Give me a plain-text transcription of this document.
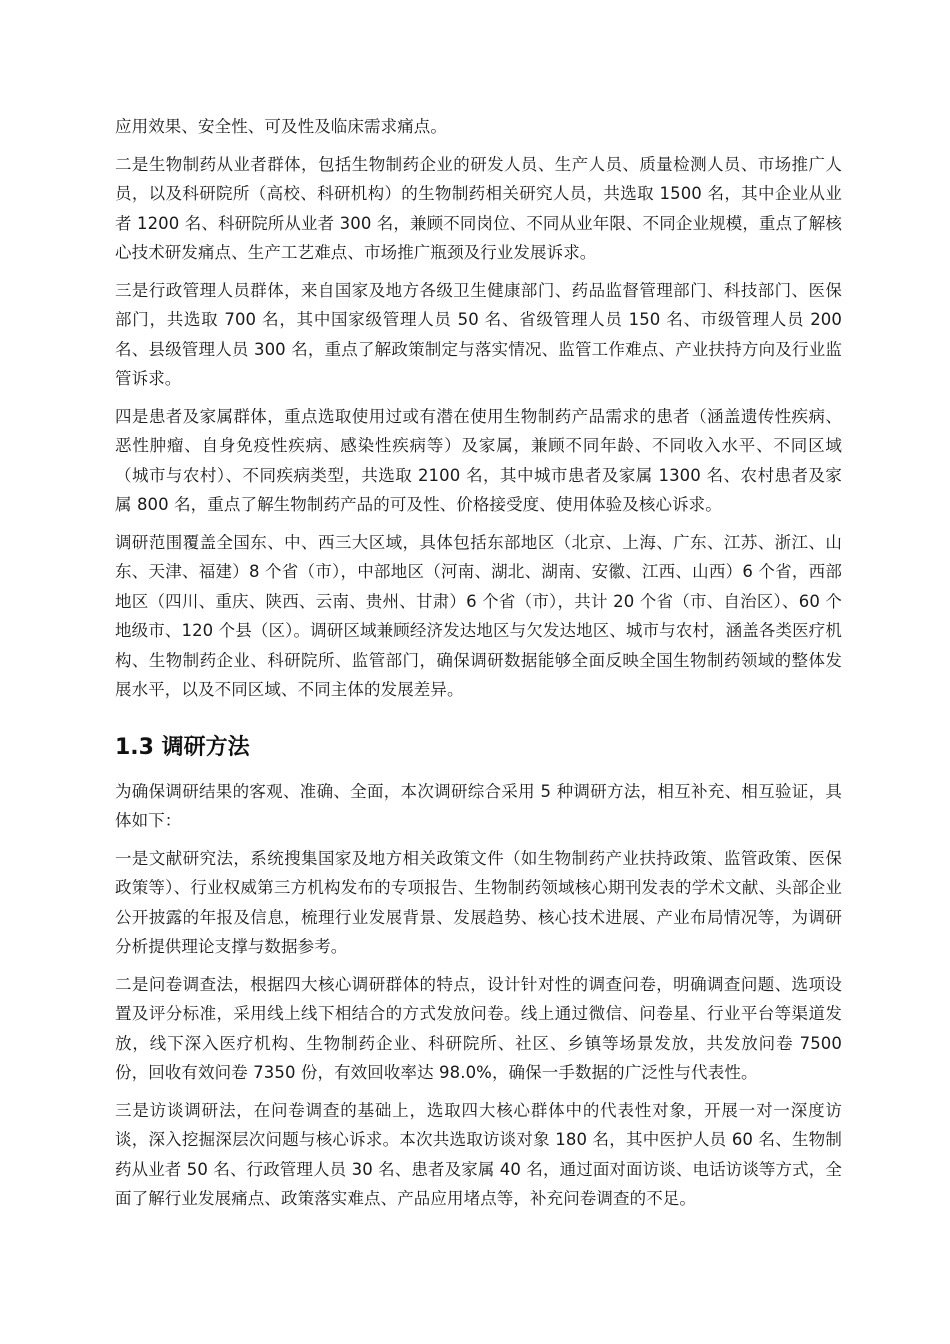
应用效果、安全性、可及性及临床需求痛点。

二是生物制药从业者群体，包括生物制药企业的研发人员、生产人员、质量检测人员、市场推广人员，以及科研院所（高校、科研机构）的生物制药相关研究人员，共选取 1500 名，其中企业从业者 1200 名、科研院所从业者 300 名，兼顾不同岗位、不同从业年限、不同企业规模，重点了解核心技术研发痛点、生产工艺难点、市场推广瓶颈及行业发展诉求。

三是行政管理人员群体，来自国家及地方各级卫生健康部门、药品监督管理部门、科技部门、医保部门，共选取 700 名，其中国家级管理人员 50 名、省级管理人员 150 名、市级管理人员 200 名、县级管理人员 300 名，重点了解政策制定与落实情况、监管工作难点、产业扶持方向及行业监管诉求。

四是患者及家属群体，重点选取使用过或有潜在使用生物制药产品需求的患者（涵盖遗传性疾病、恶性肿瘤、自身免疫性疾病、感染性疾病等）及家属，兼顾不同年龄、不同收入水平、不同区域（城市与农村）、不同疾病类型，共选取 2100 名，其中城市患者及家属 1300 名、农村患者及家属 800 名，重点了解生物制药产品的可及性、价格接受度、使用体验及核心诉求。

调研范围覆盖全国东、中、西三大区域，具体包括东部地区（北京、上海、广东、江苏、浙江、山东、天津、福建）8 个省（市），中部地区（河南、湖北、湖南、安徽、江西、山西）6 个省，西部地区（四川、重庆、陕西、云南、贵州、甘肃）6 个省（市），共计 20 个省（市、自治区）、60 个地级市、120 个县（区）。调研区域兼顾经济发达地区与欠发达地区、城市与农村，涵盖各类医疗机构、生物制药企业、科研院所、监管部门，确保调研数据能够全面反映全国生物制药领域的整体发展水平，以及不同区域、不同主体的发展差异。

1.3 调研方法

为确保调研结果的客观、准确、全面，本次调研综合采用 5 种调研方法，相互补充、相互验证，具体如下：

一是文献研究法，系统搜集国家及地方相关政策文件（如生物制药产业扶持政策、监管政策、医保政策等）、行业权威第三方机构发布的专项报告、生物制药领域核心期刊发表的学术文献、头部企业公开披露的年报及信息，梳理行业发展背景、发展趋势、核心技术进展、产业布局情况等，为调研分析提供理论支撑与数据参考。

二是问卷调查法，根据四大核心调研群体的特点，设计针对性的调查问卷，明确调查问题、选项设置及评分标准，采用线上线下相结合的方式发放问卷。线上通过微信、问卷星、行业平台等渠道发放，线下深入医疗机构、生物制药企业、科研院所、社区、乡镇等场景发放，共发放问卷 7500 份，回收有效问卷 7350 份，有效回收率达 98.0%，确保一手数据的广泛性与代表性。

三是访谈调研法，在问卷调查的基础上，选取四大核心群体中的代表性对象，开展一对一深度访谈，深入挖掘深层次问题与核心诉求。本次共选取访谈对象 180 名，其中医护人员 60 名、生物制药从业者 50 名、行政管理人员 30 名、患者及家属 40 名，通过面对面访谈、电话访谈等方式，全面了解行业发展痛点、政策落实难点、产品应用堵点等，补充问卷调查的不足。
